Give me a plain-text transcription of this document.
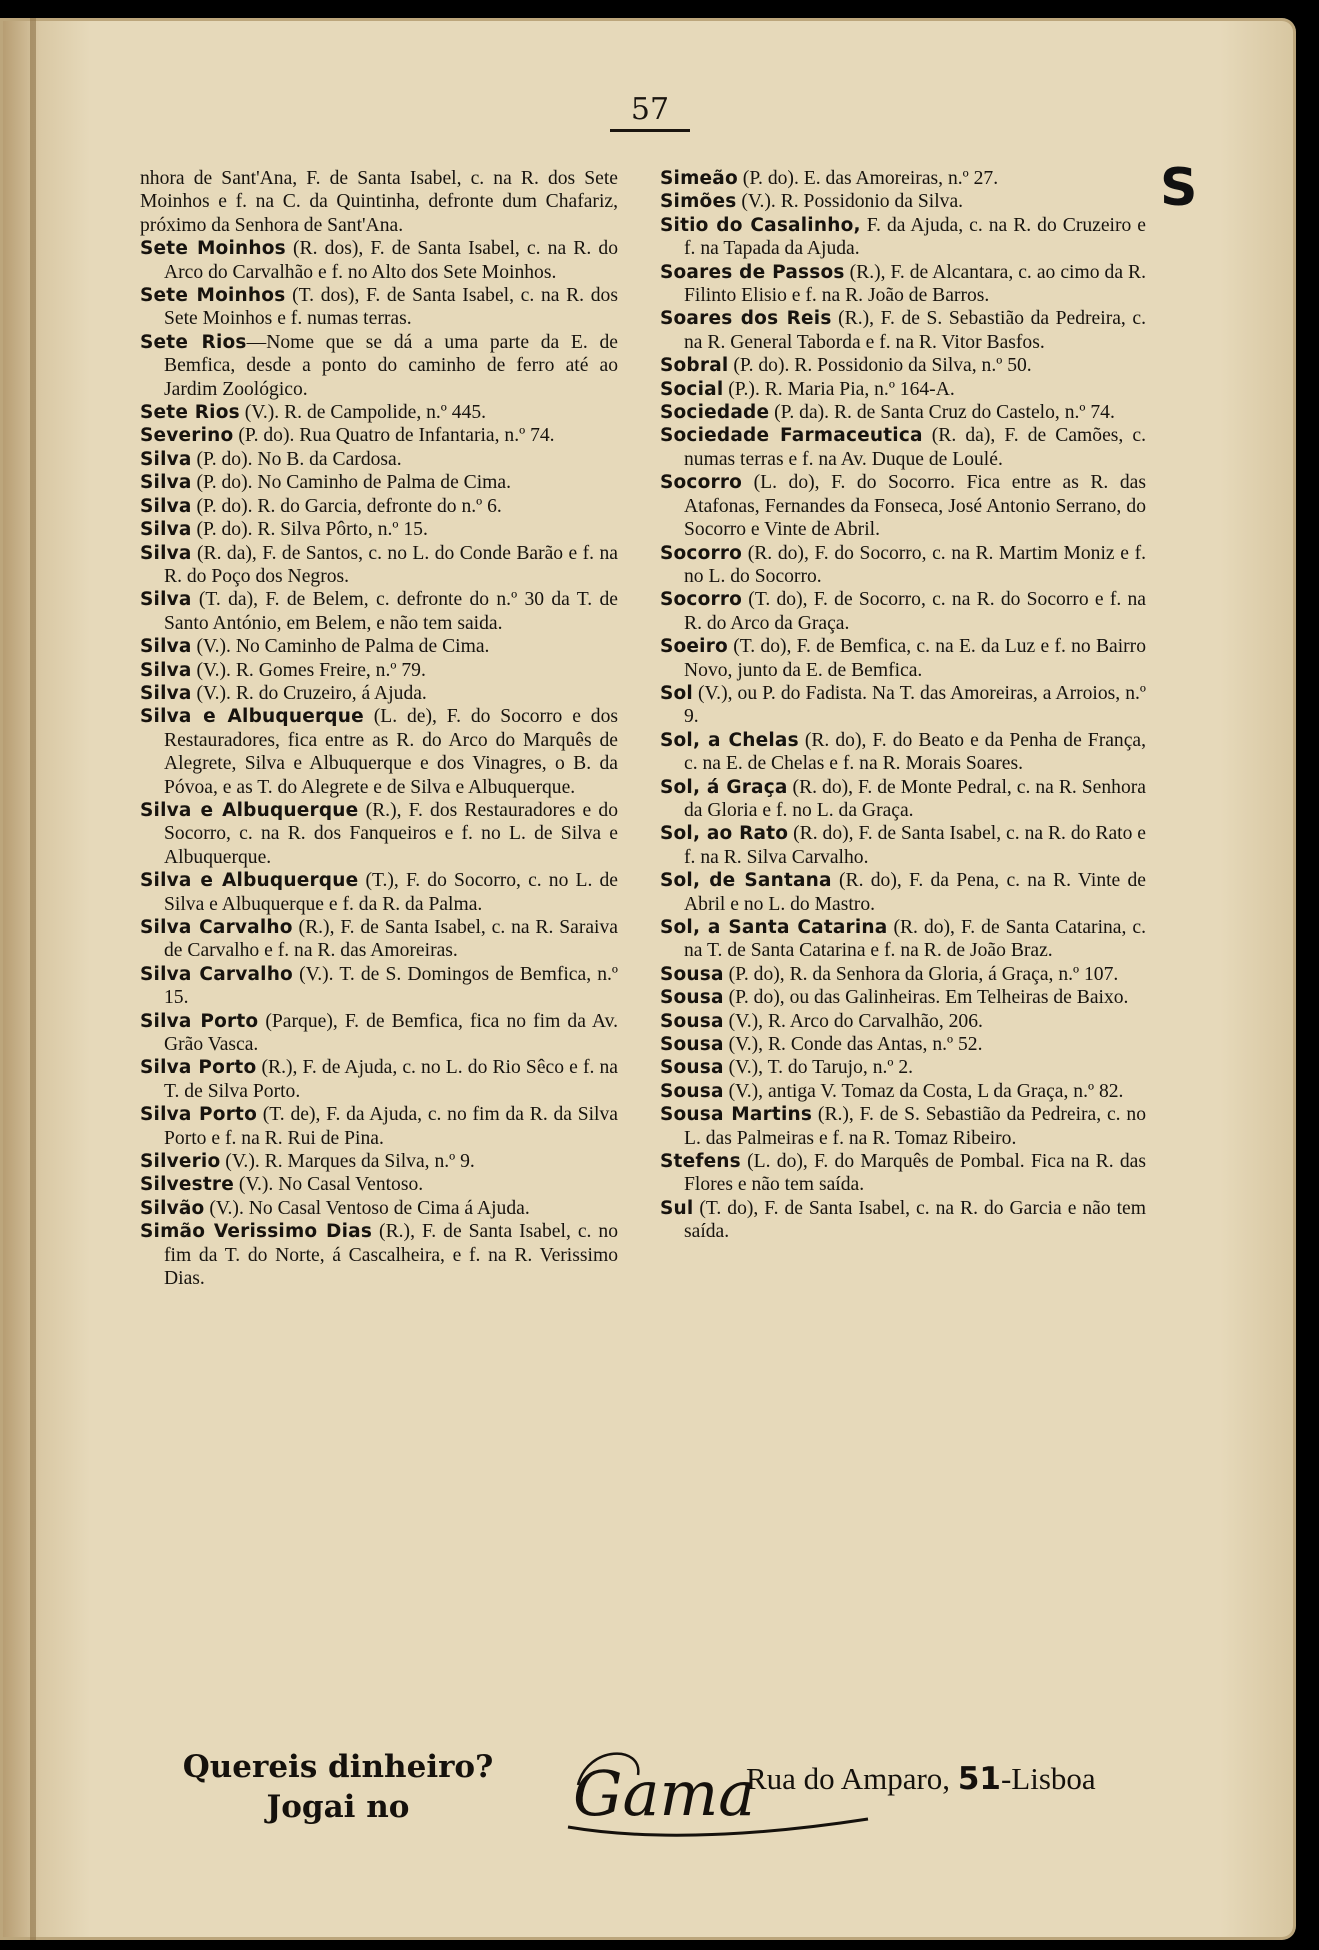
57
S

nhora de Sant'Ana, F. de Santa Isabel, c. na R. dos Sete Moinhos e f. na C. da Quintinha, defronte dum Chafariz, próximo da Senhora de Sant'Ana.

Sete Moinhos (R. dos), F. de Santa Isabel, c. na R. do Arco do Carvalhão e f. no Alto dos Sete Moinhos.

Sete Moinhos (T. dos), F. de Santa Isabel, c. na R. dos Sete Moinhos e f. numas terras.

Sete Rios—Nome que se dá a uma parte da E. de Bemfica, desde a ponto do caminho de ferro até ao Jardim Zoológico.

Sete Rios (V.). R. de Campolide, n.º 445.

Severino (P. do). Rua Quatro de Infantaria, n.º 74.

Silva (P. do). No B. da Cardosa.

Silva (P. do). No Caminho de Palma de Cima.

Silva (P. do). R. do Garcia, defronte do n.º 6.

Silva (P. do). R. Silva Pôrto, n.º 15.

Silva (R. da), F. de Santos, c. no L. do Conde Barão e f. na R. do Poço dos Negros.

Silva (T. da), F. de Belem, c. defronte do n.º 30 da T. de Santo António, em Belem, e não tem saida.

Silva (V.). No Caminho de Palma de Cima.

Silva (V.). R. Gomes Freire, n.º 79.

Silva (V.). R. do Cruzeiro, á Ajuda.

Silva e Albuquerque (L. de), F. do Socorro e dos Restauradores, fica entre as R. do Arco do Marquês de Alegrete, Silva e Albuquerque e dos Vinagres, o B. da Póvoa, e as T. do Alegrete e de Silva e Albuquerque.

Silva e Albuquerque (R.), F. dos Restauradores e do Socorro, c. na R. dos Fanqueiros e f. no L. de Silva e Albuquerque.

Silva e Albuquerque (T.), F. do Socorro, c. no L. de Silva e Albuquerque e f. da R. da Palma.

Silva Carvalho (R.), F. de Santa Isabel, c. na R. Saraiva de Carvalho e f. na R. das Amoreiras.

Silva Carvalho (V.). T. de S. Domingos de Bemfica, n.º 15.

Silva Porto (Parque), F. de Bemfica, fica no fim da Av. Grão Vasca.

Silva Porto (R.), F. de Ajuda, c. no L. do Rio Sêco e f. na T. de Silva Porto.

Silva Porto (T. de), F. da Ajuda, c. no fim da R. da Silva Porto e f. na R. Rui de Pina.

Silverio (V.). R. Marques da Silva, n.º 9.

Silvestre (V.). No Casal Ventoso.

Silvão (V.). No Casal Ventoso de Cima á Ajuda.

Simão Verissimo Dias (R.), F. de Santa Isabel, c. no fim da T. do Norte, á Cascalheira, e f. na R. Verissimo Dias.

Simeão (P. do). E. das Amoreiras, n.º 27.

Simões (V.). R. Possidonio da Silva.

Sitio do Casalinho, F. da Ajuda, c. na R. do Cruzeiro e f. na Tapada da Ajuda.

Soares de Passos (R.), F. de Alcantara, c. ao cimo da R. Filinto Elisio e f. na R. João de Barros.

Soares dos Reis (R.), F. de S. Sebastião da Pedreira, c. na R. General Taborda e f. na R. Vitor Basfos.

Sobral (P. do). R. Possidonio da Silva, n.º 50.

Social (P.). R. Maria Pia, n.º 164-A.

Sociedade (P. da). R. de Santa Cruz do Castelo, n.º 74.

Sociedade Farmaceutica (R. da), F. de Camões, c. numas terras e f. na Av. Duque de Loulé.

Socorro (L. do), F. do Socorro. Fica entre as R. das Atafonas, Fernandes da Fonseca, José Antonio Serrano, do Socorro e Vinte de Abril.

Socorro (R. do), F. do Socorro, c. na R. Martim Moniz e f. no L. do Socorro.

Socorro (T. do), F. de Socorro, c. na R. do Socorro e f. na R. do Arco da Graça.

Soeiro (T. do), F. de Bemfica, c. na E. da Luz e f. no Bairro Novo, junto da E. de Bemfica.

Sol (V.), ou P. do Fadista. Na T. das Amoreiras, a Arroios, n.º 9.

Sol, a Chelas (R. do), F. do Beato e da Penha de França, c. na E. de Chelas e f. na R. Morais Soares.

Sol, á Graça (R. do), F. de Monte Pedral, c. na R. Senhora da Gloria e f. no L. da Graça.

Sol, ao Rato (R. do), F. de Santa Isabel, c. na R. do Rato e f. na R. Silva Carvalho.

Sol, de Santana (R. do), F. da Pena, c. na R. Vinte de Abril e no L. do Mastro.

Sol, a Santa Catarina (R. do), F. de Santa Catarina, c. na T. de Santa Catarina e f. na R. de João Braz.

Sousa (P. do), R. da Senhora da Gloria, á Graça, n.º 107.

Sousa (P. do), ou das Galinheiras. Em Telheiras de Baixo.

Sousa (V.), R. Arco do Carvalhão, 206.

Sousa (V.), R. Conde das Antas, n.º 52.

Sousa (V.), T. do Tarujo, n.º 2.

Sousa (V.), antiga V. Tomaz da Costa, L da Graça, n.º 82.

Sousa Martins (R.), F. de S. Sebastião da Pedreira, c. no L. das Palmeiras e f. na R. Tomaz Ribeiro.

Stefens (L. do), F. do Marquês de Pombal. Fica na R. das Flores e não tem saída.

Sul (T. do), F. de Santa Isabel, c. na R. do Garcia e não tem saída.

Quereis dinheiro?
Jogai no	Gama
Rua do Amparo, 51-Lisboa
